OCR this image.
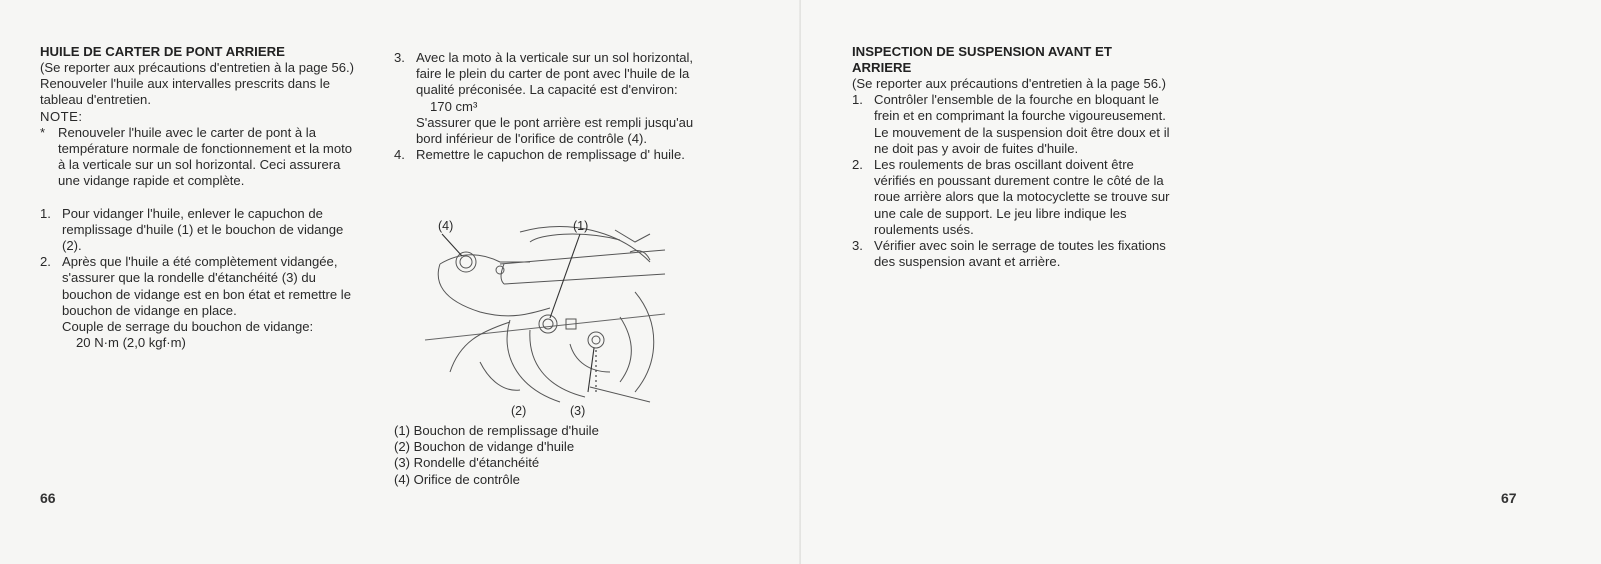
HUILE DE CARTER DE PONT ARRIERE

(Se reporter aux précautions d'entretien à la page 56.)

Renouveler l'huile aux intervalles prescrits dans le tableau d'entretien.

NOTE:

* Renouveler l'huile avec le carter de pont à la température normale de fonctionnement et la moto à la verticale sur un sol horizontal. Ceci assurera une vidange rapide et complète.
1. Pour vidanger l'huile, enlever le capuchon de remplissage d'huile (1) et le bouchon de vidange (2).
2. Après que l'huile a été complètement vidangée, s'assurer que la rondelle d'étanchéité (3) du bouchon de vidange est en bon état et remettre le bouchon de vidange en place.

Couple de serrage du bouchon de vidange:

20 N·m (2,0 kgf·m)

3. Avec la moto à la verticale sur un sol horizontal, faire le plein du carter de pont avec l'huile de la qualité préconisée. La capacité est d'environ:

170 cm³

S'assurer que le pont arrière est rempli jusqu'au bord inférieur de l'orifice de contrôle (4).

4. Remettre le capuchon de remplissage d' huile.
(1)
(4)
(2)	(3)
(1) Bouchon de remplissage d'huile
(2) Bouchon de vidange d'huile
(3) Rondelle d'étanchéité
(4) Orifice de contrôle
66
INSPECTION DE SUSPENSION AVANT ET ARRIERE

(Se reporter aux précautions d'entretien à la page 56.)

1. Contrôler l'ensemble de la fourche en bloquant le frein et en comprimant la fourche vigoureusement. Le mouvement de la suspension doit être doux et il ne doit pas y avoir de fuites d'huile.
2. Les roulements de bras oscillant doivent être vérifiés en poussant durement contre le côté de la roue arrière alors que la motocyclette se trouve sur une cale de support. Le jeu libre indique les roulements usés.
3. Vérifier avec soin le serrage de toutes les fixations des suspension avant et arrière.
67
